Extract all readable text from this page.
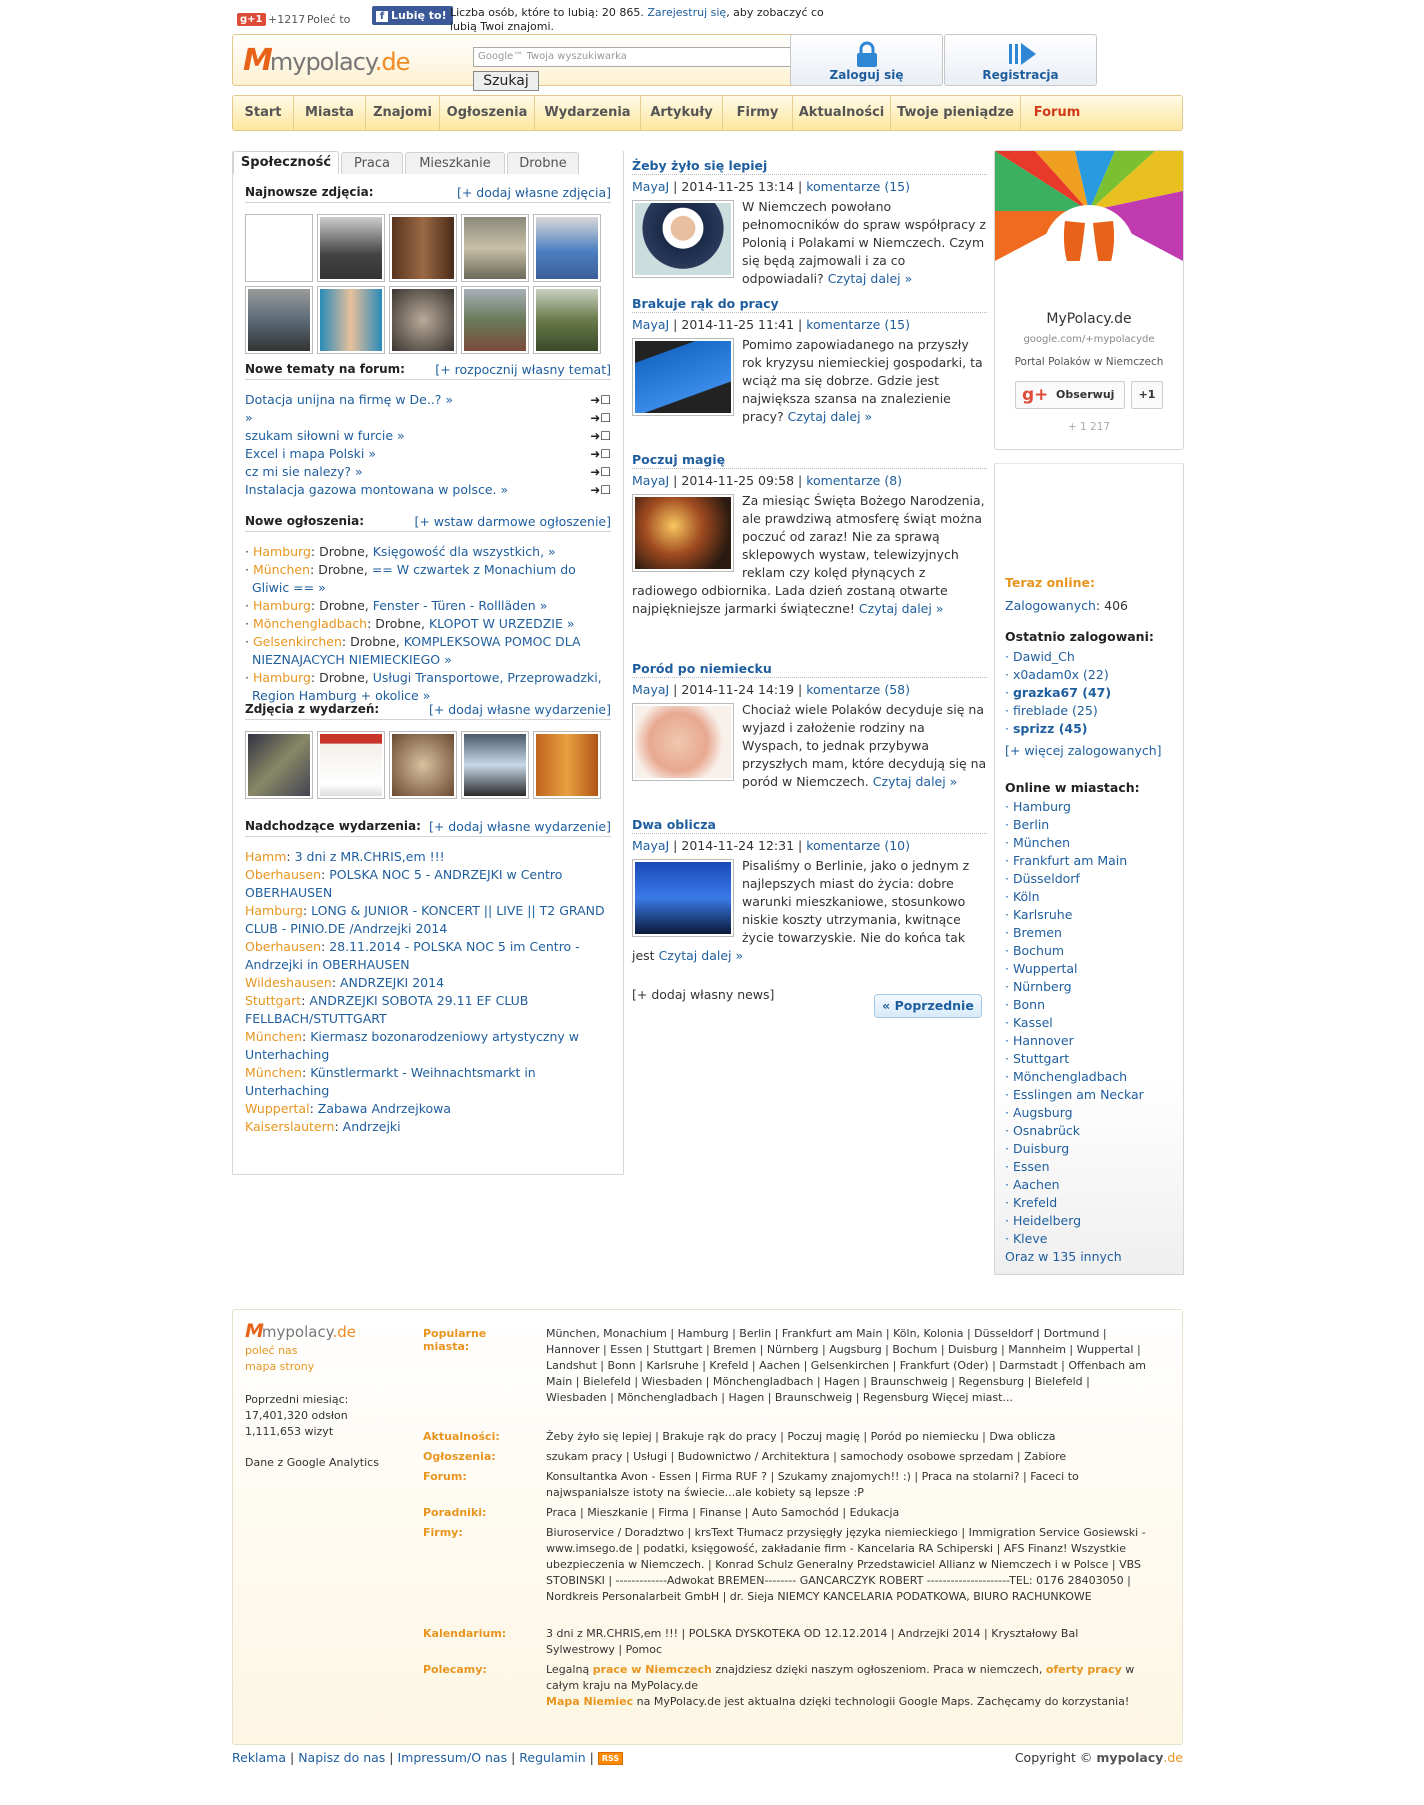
g+1 +1217 Poleć to	f Lubię to! Liczba osób, które to lubią: 20 865. Zarejestruj się, aby zobaczyć co lubią Twoi znajomi.
Mmypolacy.de	Google™ Twoja wyszukiwarka
Szukaj	Zaloguj się	Registracja
Start	Miasta	Znajomi	Ogłoszenia	Wydarzenia	Artykuły	Firmy	Aktualności Twoje pieniądze	Forum
Społeczność	Praca	Mieszkanie	Drobne
Najnowsze zdjęcia:	[+ dodaj własne zdjęcia]
Nowe tematy na forum: [+ rozpocznij własny temat]
Dotacja unijna na firmę w De..? »	➜☐
»	➜☐
szukam siłowni w furcie »	➜☐
Excel i mapa Polski »	➜☐
cz mi sie nalezy? »	➜☐
Instalacja gazowa montowana w polsce. »	➜☐
Nowe ogłoszenia:	[+ wstaw darmowe ogłoszenie]
· Hamburg: Drobne, Księgowość dla wszystkich, »
· München: Drobne, == W czwartek z Monachium do Gliwic == »
· Hamburg: Drobne, Fenster - Türen - Rollläden »
· Mönchengladbach: Drobne, KLOPOT W URZEDZIE »
· Gelsenkirchen: Drobne, KOMPLEKSOWA POMOC DLA NIEZNAJACYCH NIEMIECKIEGO »
· Hamburg: Drobne, Usługi Transportowe, Przeprowadzki, Region Hamburg + okolice »
Zdjęcia z wydarzeń:	[+ dodaj własne wydarzenie]
Nadchodzące wydarzenia: [+ dodaj własne wydarzenie]
Hamm: 3 dni z MR.CHRIS,em !!!
Oberhausen: POLSKA NOC 5 - ANDRZEJKI w Centro OBERHAUSEN
Hamburg: LONG & JUNIOR - KONCERT || LIVE || T2 GRAND CLUB - PINIO.DE /Andrzejki 2014
Oberhausen: 28.11.2014 - POLSKA NOC 5 im Centro - Andrzejki in OBERHAUSEN
Wildeshausen: ANDRZEJKI 2014
Stuttgart: ANDRZEJKI SOBOTA 29.11 EF CLUB FELLBACH/STUTTGART
München: Kiermasz bozonarodzeniowy artystyczny w Unterhaching
München: Künstlermarkt - Weihnachtsmarkt in Unterhaching
Wuppertal: Zabawa Andrzejkowa
Kaiserslautern: Andrzejki
Żeby żyło się lepiej
MayaJ | 2014-11-25 13:14 | komentarze (15)
W Niemczech powołano pełnomocników do spraw współpracy z Polonią i Polakami w Niemczech. Czym się będą zajmowali i za co odpowiadali? Czytaj dalej »
Brakuje rąk do pracy
MayaJ | 2014-11-25 11:41 | komentarze (15)
Pomimo zapowiadanego na przyszły rok kryzysu niemieckiej gospodarki, ta wciąż ma się dobrze. Gdzie jest największa szansa na znalezienie pracy? Czytaj dalej »
Poczuj magię
MayaJ | 2014-11-25 09:58 | komentarze (8)
Za miesiąc Święta Bożego Narodzenia, ale prawdziwą atmosferę świąt można poczuć od zaraz! Nie za sprawą sklepowych wystaw, telewizyjnych reklam czy kolęd płynących z radiowego odbiornika. Lada dzień zostaną otwarte najpiękniejsze jarmarki świąteczne! Czytaj dalej »
Poród po niemiecku
MayaJ | 2014-11-24 14:19 | komentarze (58)
Chociaż wiele Polaków decyduje się na wyjazd i założenie rodziny na Wyspach, to jednak przybywa przyszłych mam, które decydują się na poród w Niemczech. Czytaj dalej »
Dwa oblicza
MayaJ | 2014-11-24 12:31 | komentarze (10)
Pisaliśmy o Berlinie, jako o jednym z najlepszych miast do życia: dobre warunki mieszkaniowe, stosunkowo niskie koszty utrzymania, kwitnące życie towarzyskie. Nie do końca tak jest Czytaj dalej »
[+ dodaj własny news]
« Poprzednie
MyPolacy.de
google.com/+mypolacyde
Portal Polaków w Niemczech
g+ Obserwuj	+1
+ 1 217
Teraz online:
Zalogowanych: 406
Ostatnio zalogowani:
· Dawid_Ch
· x0adam0x (22)
· grazka67 (47)
· fireblade (25)
· sprizz (45)
[+ więcej zalogowanych]
Online w miastach:
· Hamburg
· Berlin
· München
· Frankfurt am Main
· Düsseldorf
· Köln
· Karlsruhe
· Bremen
· Bochum
· Wuppertal
· Nürnberg
· Bonn
· Kassel
· Hannover
· Stuttgart
· Mönchengladbach
· Esslingen am Neckar
· Augsburg
· Osnabrück
· Duisburg
· Essen
· Aachen
· Krefeld
· Heidelberg
· Kleve
Oraz w 135 innych
Mmypolacy.de
poleć nas
mapa strony
Poprzedni miesiąc:
17,401,320 odsłon
1,111,653 wizyt
Dane z Google Analytics
Popularne miasta:
München, Monachium | Hamburg | Berlin | Frankfurt am Main | Köln, Kolonia | Düsseldorf | Dortmund | Hannover | Essen | Stuttgart | Bremen | Nürnberg | Augsburg | Bochum | Duisburg | Mannheim | Wuppertal | Landshut | Bonn | Karlsruhe | Krefeld | Aachen | Gelsenkirchen | Frankfurt (Oder) | Darmstadt | Offenbach am Main | Bielefeld | Wiesbaden | Mönchengladbach | Hagen | Braunschweig | Regensburg | Bielefeld | Wiesbaden | Mönchengladbach | Hagen | Braunschweig | Regensburg Więcej miast...
Aktualności:	Żeby żyło się lepiej | Brakuje rąk do pracy | Poczuj magię | Poród po niemiecku | Dwa oblicza
Ogłoszenia:	szukam pracy | Usługi | Budownictwo / Architektura | samochody osobowe sprzedam | Zabiore
Forum:	Konsultantka Avon - Essen | Firma RUF ? | Szukamy znajomych!! :) | Praca na stolarni? | Faceci to najwspanialsze istoty na świecie...ale kobiety są lepsze :P
Poradniki:	Praca | Mieszkanie | Firma | Finanse | Auto Samochód | Edukacja
Firmy:	Biuroservice / Doradztwo | krsText Tłumacz przysięgły języka niemieckiego | Immigration Service Gosiewski - www.imsego.de | podatki, księgowość, zakładanie firm - Kancelaria RA Schiperski | AFS Finanz! Wszystkie ubezpieczenia w Niemczech. | Konrad Schulz Generalny Przedstawiciel Allianz w Niemczech i w Polsce | VBS STOBINSKI | -------------Adwokat BREMEN-------- GANCARCZYK ROBERT ---------------------TEL: 0176 28403050 | Nordkreis Personalarbeit GmbH | dr. Sieja NIEMCY KANCELARIA PODATKOWA, BIURO RACHUNKOWE
Kalendarium:	3 dni z MR.CHRIS,em !!! | POLSKA DYSKOTEKA OD 12.12.2014 | Andrzejki 2014 | Kryształowy Bal Sylwestrowy | Pomoc
Polecamy:	Legalną prace w Niemczech znajdziesz dzięki naszym ogłoszeniom. Praca w niemczech, oferty pracy w całym kraju na MyPolacy.de
Mapa Niemiec na MyPolacy.de jest aktualna dzięki technologii Google Maps. Zachęcamy do korzystania!
Reklama | Napisz do nas | Impressum/O nas | Regulamin | RSS	Copyright © mypolacy.de
